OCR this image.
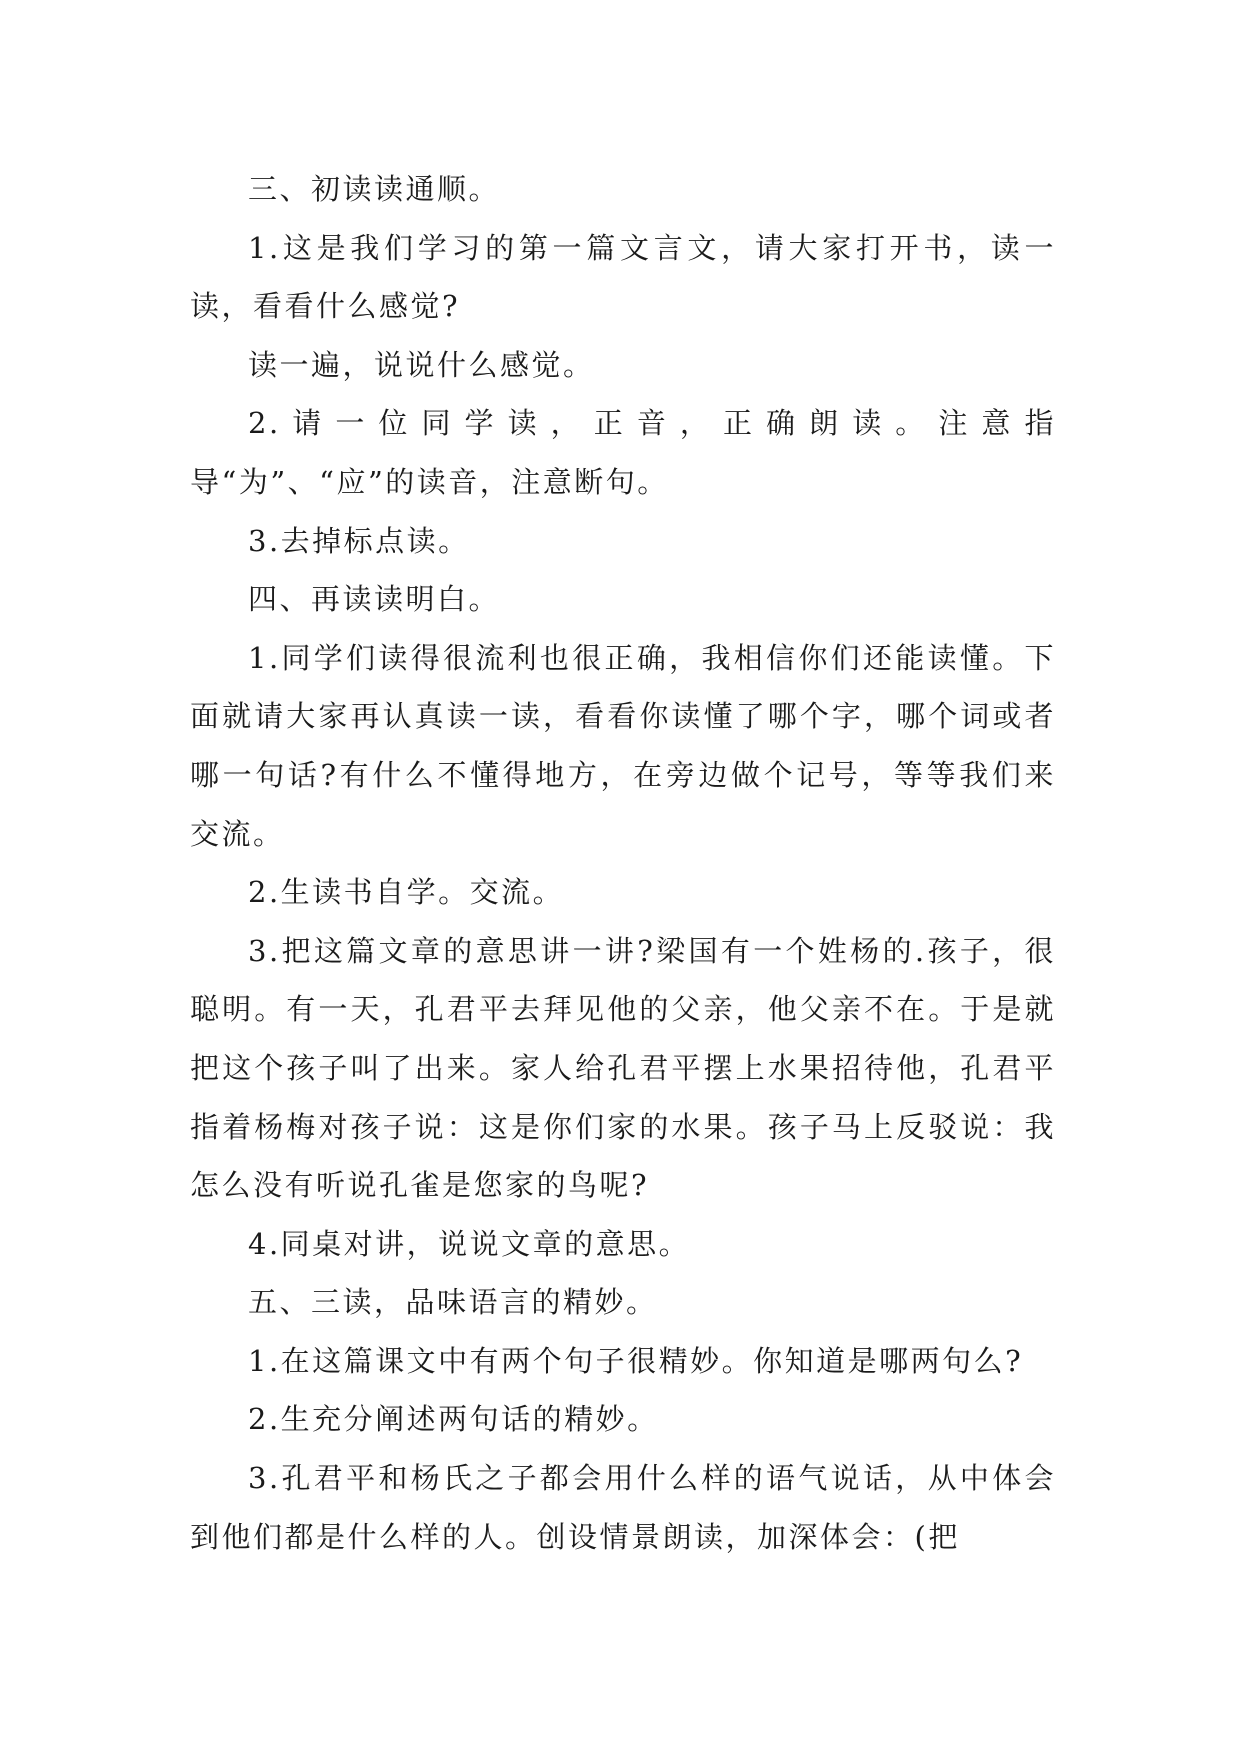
三、初读读通顺。

1.这是我们学习的第一篇文言文，请大家打开书，读一读，看看什么感觉?

读一遍，说说什么感觉。

2.请一位同学读，正音，正确朗读。注意指导“为”、“应”的读音，注意断句。

3.去掉标点读。

四、再读读明白。

1.同学们读得很流利也很正确，我相信你们还能读懂。下面就请大家再认真读一读，看看你读懂了哪个字，哪个词或者哪一句话?有什么不懂得地方，在旁边做个记号，等等我们来交流。

2.生读书自学。交流。

3.把这篇文章的意思讲一讲?梁国有一个姓杨的.孩子，很聪明。有一天，孔君平去拜见他的父亲，他父亲不在。于是就把这个孩子叫了出来。家人给孔君平摆上水果招待他，孔君平指着杨梅对孩子说：这是你们家的水果。孩子马上反驳说：我怎么没有听说孔雀是您家的鸟呢?

4.同桌对讲，说说文章的意思。

五、三读，品味语言的精妙。

1.在这篇课文中有两个句子很精妙。你知道是哪两句么?

2.生充分阐述两句话的精妙。

3.孔君平和杨氏之子都会用什么样的语气说话，从中体会到他们都是什么样的人。创设情景朗读，加深体会：(把
